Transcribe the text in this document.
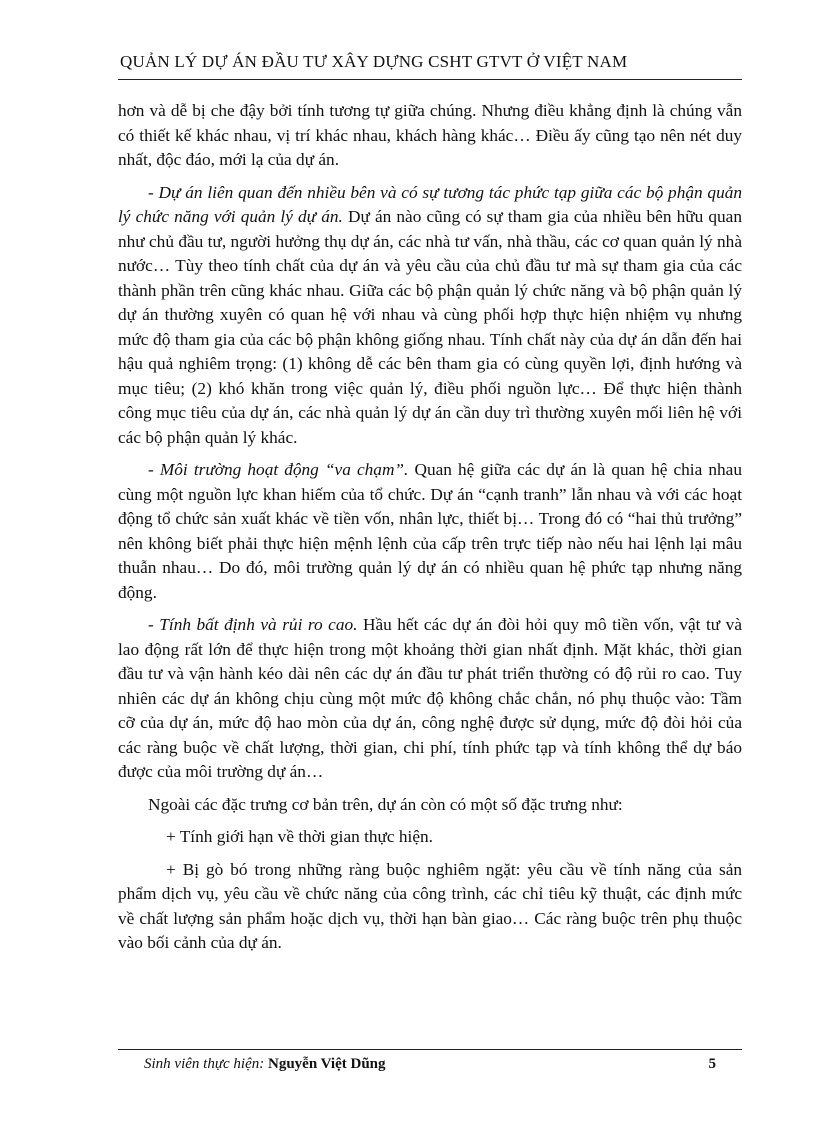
QUẢN LÝ DỰ ÁN ĐẦU TƯ XÂY DỰNG CSHT GTVT Ở VIỆT NAM

hơn và dễ bị che đậy bởi tính tương tự giữa chúng. Nhưng điều khẳng định là chúng vẫn có thiết kế khác nhau, vị trí khác nhau, khách hàng khác… Điều ấy cũng tạo nên nét duy nhất, độc đáo, mới lạ của dự án.

- Dự án liên quan đến nhiều bên và có sự tương tác phức tạp giữa các bộ phận quản lý chức năng với quản lý dự án. Dự án nào cũng có sự tham gia của nhiều bên hữu quan như chủ đầu tư, người hưởng thụ dự án, các nhà tư vấn, nhà thầu, các cơ quan quản lý nhà nước… Tùy theo tính chất của dự án và yêu cầu của chủ đầu tư mà sự tham gia của các thành phần trên cũng khác nhau. Giữa các bộ phận quản lý chức năng và bộ phận quản lý dự án thường xuyên có quan hệ với nhau và cùng phối hợp thực hiện nhiệm vụ nhưng mức độ tham gia của các bộ phận không giống nhau. Tính chất này của dự án dẫn đến hai hậu quả nghiêm trọng: (1) không dễ các bên tham gia có cùng quyền lợi, định hướng và mục tiêu; (2) khó khăn trong việc quản lý, điều phối nguồn lực… Để thực hiện thành công mục tiêu của dự án, các nhà quản lý dự án cần duy trì thường xuyên mối liên hệ với các bộ phận quản lý khác.

- Môi trường hoạt động “va chạm”. Quan hệ giữa các dự án là quan hệ chia nhau cùng một nguồn lực khan hiếm của tổ chức. Dự án “cạnh tranh” lẫn nhau và với các hoạt động tổ chức sản xuất khác về tiền vốn, nhân lực, thiết bị… Trong đó có “hai thủ trưởng” nên không biết phải thực hiện mệnh lệnh của cấp trên trực tiếp nào nếu hai lệnh lại mâu thuẫn nhau… Do đó, môi trường quản lý dự án có nhiều quan hệ phức tạp nhưng năng động.

- Tính bất định và rủi ro cao. Hầu hết các dự án đòi hỏi quy mô tiền vốn, vật tư và lao động rất lớn để thực hiện trong một khoảng thời gian nhất định. Mặt khác, thời gian đầu tư và vận hành kéo dài nên các dự án đầu tư phát triển thường có độ rủi ro cao. Tuy nhiên các dự án không chịu cùng một mức độ không chắc chắn, nó phụ thuộc vào: Tầm cỡ của dự án, mức độ hao mòn của dự án, công nghệ được sử dụng, mức độ đòi hỏi của các ràng buộc về chất lượng, thời gian, chi phí, tính phức tạp và tính không thể dự báo được của môi trường dự án…

Ngoài các đặc trưng cơ bản trên, dự án còn có một số đặc trưng như:

+ Tính giới hạn về thời gian thực hiện.

+ Bị gò bó trong những ràng buộc nghiêm ngặt: yêu cầu về tính năng của sản phẩm dịch vụ, yêu cầu về chức năng của công trình, các chỉ tiêu kỹ thuật, các định mức về chất lượng sản phẩm hoặc dịch vụ, thời hạn bàn giao… Các ràng buộc trên phụ thuộc vào bối cảnh của dự án.

Sinh viên thực hiện: Nguyễn Việt Dũng	5
